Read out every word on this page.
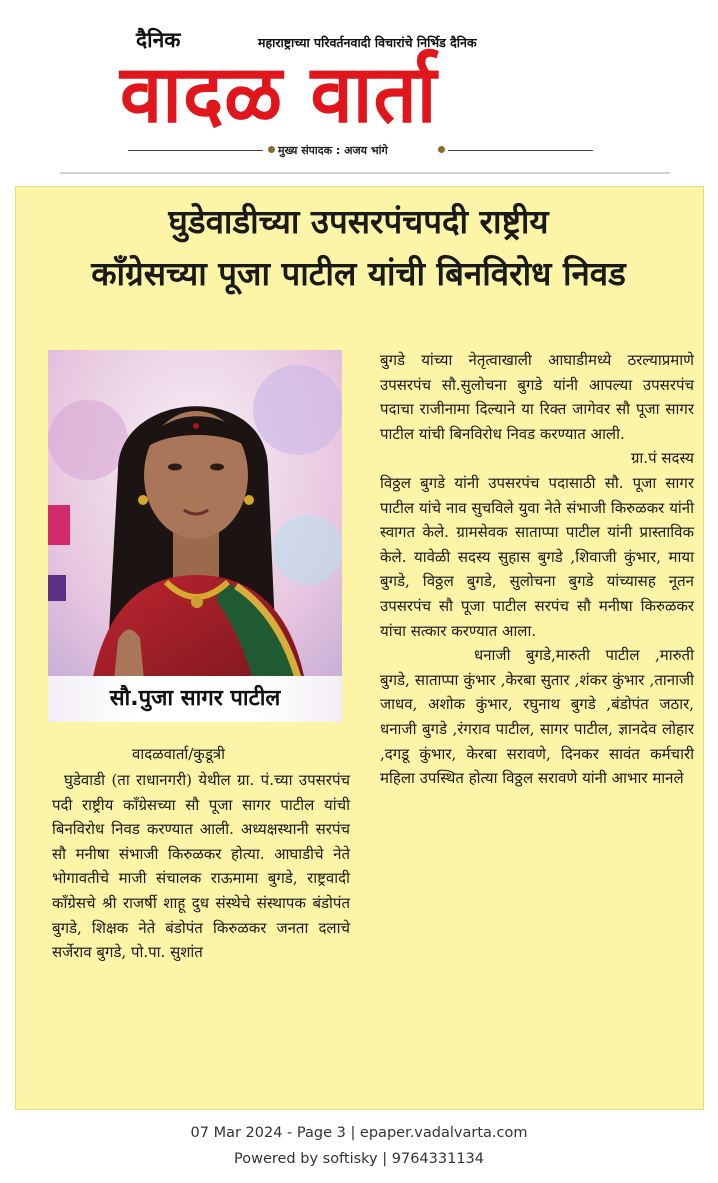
दैनिक	महाराष्ट्राच्या परिवर्तनवादी विचारांचे निर्भिड दैनिक
वादळ वार्ता
मुख्य संपादक : अजय भांगे
घुडेवाडीच्या उपसरपंचपदी राष्ट्रीय
काँग्रेसच्या पूजा पाटील यांची बिनविरोध निवड
सौ.पुजा सागर पाटील
वादळवार्ता/कुडूत्री
घुडेवाडी (ता राधानगरी) येथील ग्रा. पं.च्या उपसरपंच पदी राष्ट्रीय काँग्रेसच्या सौ पूजा सागर पाटील यांची बिनविरोध निवड करण्यात आली. अध्यक्षस्थानी सरपंच सौ मनीषा संभाजी किरुळकर होत्या. आघाडीचे नेते भोगावतीचे माजी संचालक राऊमामा बुगडे, राष्ट्रवादी काँग्रेसचे श्री राजर्षी शाहू दुध संस्थेचे संस्थापक बंडोपंत बुगडे, शिक्षक नेते बंडोपंत किरुळकर जनता दलाचे सर्जेराव बुगडे, पो.पा. सुशांत

बुगडे यांच्या नेतृत्वाखाली आघाडीमध्ये ठरल्याप्रमाणे उपसरपंच सौ.सुलोचना बुगडे यांनी आपल्या उपसरपंच पदाचा राजीनामा दिल्याने या रिक्त जागेवर सौ पूजा सागर पाटील यांची बिनविरोध निवड करण्यात आली.

ग्रा.पं सदस्य

विठ्ठल बुगडे यांनी उपसरपंच पदासाठी सौ. पूजा सागर पाटील यांचे नाव सुचविले युवा नेते संभाजी किरुळकर यांनी स्वागत केले. ग्रामसेवक साताप्पा पाटील यांनी प्रास्ताविक केले. यावेळी सदस्य सुहास बुगडे ,शिवाजी कुंभार, माया बुगडे, विठ्ठल बुगडे, सुलोचना बुगडे यांच्यासह नूतन उपसरपंच सौ पूजा पाटील सरपंच सौ मनीषा किरुळकर यांचा सत्कार करण्यात आला.

धनाजी बुगडे,मारुती पाटील ,मारुती बुगडे, साताप्पा कुंभार ,केरबा सुतार ,शंकर कुंभार ,तानाजी जाधव, अशोक कुंभार, रघुनाथ बुगडे ,बंडोपंत जठार, धनाजी बुगडे ,रंगराव पाटील, सागर पाटील, ज्ञानदेव लोहार ,दगडू कुंभार, केरबा सरावणे, दिनकर सावंत कर्मचारी महिला उपस्थित होत्या विठ्ठल सरावणे यांनी आभार मानले

07 Mar 2024 - Page 3 | epaper.vadalvarta.com
Powered by softisky | 9764331134
